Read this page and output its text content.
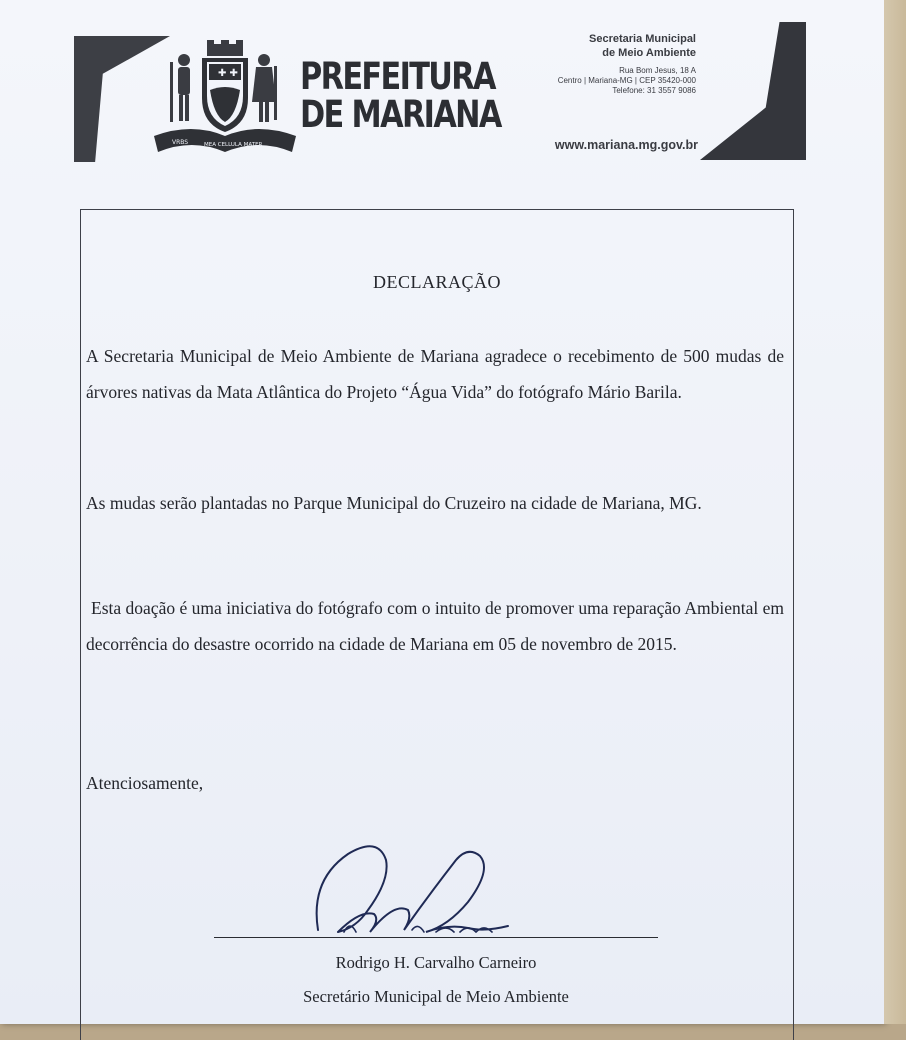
✚ ✚
VRBS	MEA CELLULA MATER
PREFEITURA
DE MARIANA
Secretaria Municipal
de Meio Ambiente
Rua Bom Jesus, 18 A
Centro | Mariana-MG | CEP 35420-000
Telefone: 31 3557 9086
www.mariana.mg.gov.br
DECLARAÇÃO

A Secretaria Municipal de Meio Ambiente de Mariana agradece o recebimento de 500 mudas de árvores nativas da Mata Atlântica do Projeto “Água Vida” do fotógrafo Mário Barila.

As mudas serão plantadas no Parque Municipal do Cruzeiro na cidade de Mariana, MG.

Esta doação é uma iniciativa do fotógrafo com o intuito de promover uma reparação Ambiental em decorrência do desastre ocorrido na cidade de Mariana em 05 de novembro de 2015.

Atenciosamente,
Rodrigo H. Carvalho Carneiro
Secretário Municipal de Meio Ambiente
